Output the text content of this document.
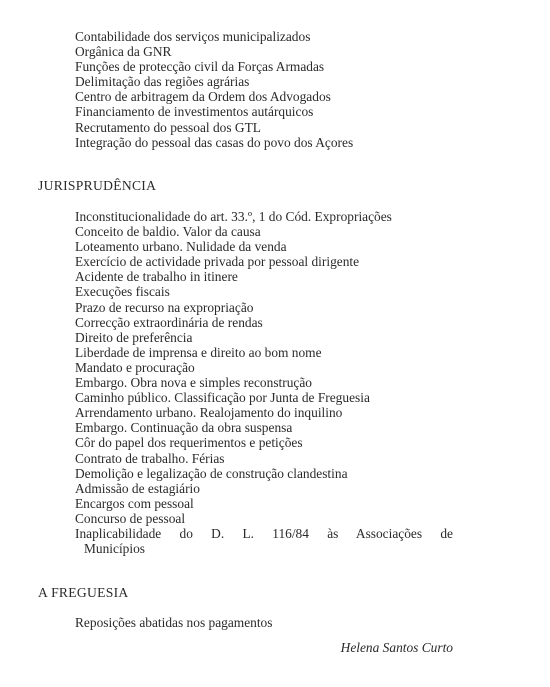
Contabilidade dos serviços municipalizados
Orgânica da GNR
Funções de protecção civil da Forças Armadas
Delimitação das regiões agrárias
Centro de arbitragem da Ordem dos Advogados
Financiamento de investimentos autárquicos
Recrutamento do pessoal dos GTL
Integração do pessoal das casas do povo dos Açores
JURISPRUDÊNCIA
Inconstitucionalidade do art. 33.º, 1 do Cód. Expropriações
Conceito de baldio. Valor da causa
Loteamento urbano. Nulidade da venda
Exercício de actividade privada por pessoal dirigente
Acidente de trabalho in itinere
Execuções fiscais
Prazo de recurso na expropriação
Correcção extraordinária de rendas
Direito de preferência
Liberdade de imprensa e direito ao bom nome
Mandato e procuração
Embargo. Obra nova e simples reconstrução
Caminho público. Classificação por Junta de Freguesia
Arrendamento urbano. Realojamento do inquilino
Embargo. Continuação da obra suspensa
Côr do papel dos requerimentos e petições
Contrato de trabalho. Férias
Demolição e legalização de construção clandestina
Admissão de estagiário
Encargos com pessoal
Concurso de pessoal
Inaplicabilidade do D. L. 116/84 às Associações de
Municípios
A FREGUESIA
Reposições abatidas nos pagamentos

Helena Santos Curto
